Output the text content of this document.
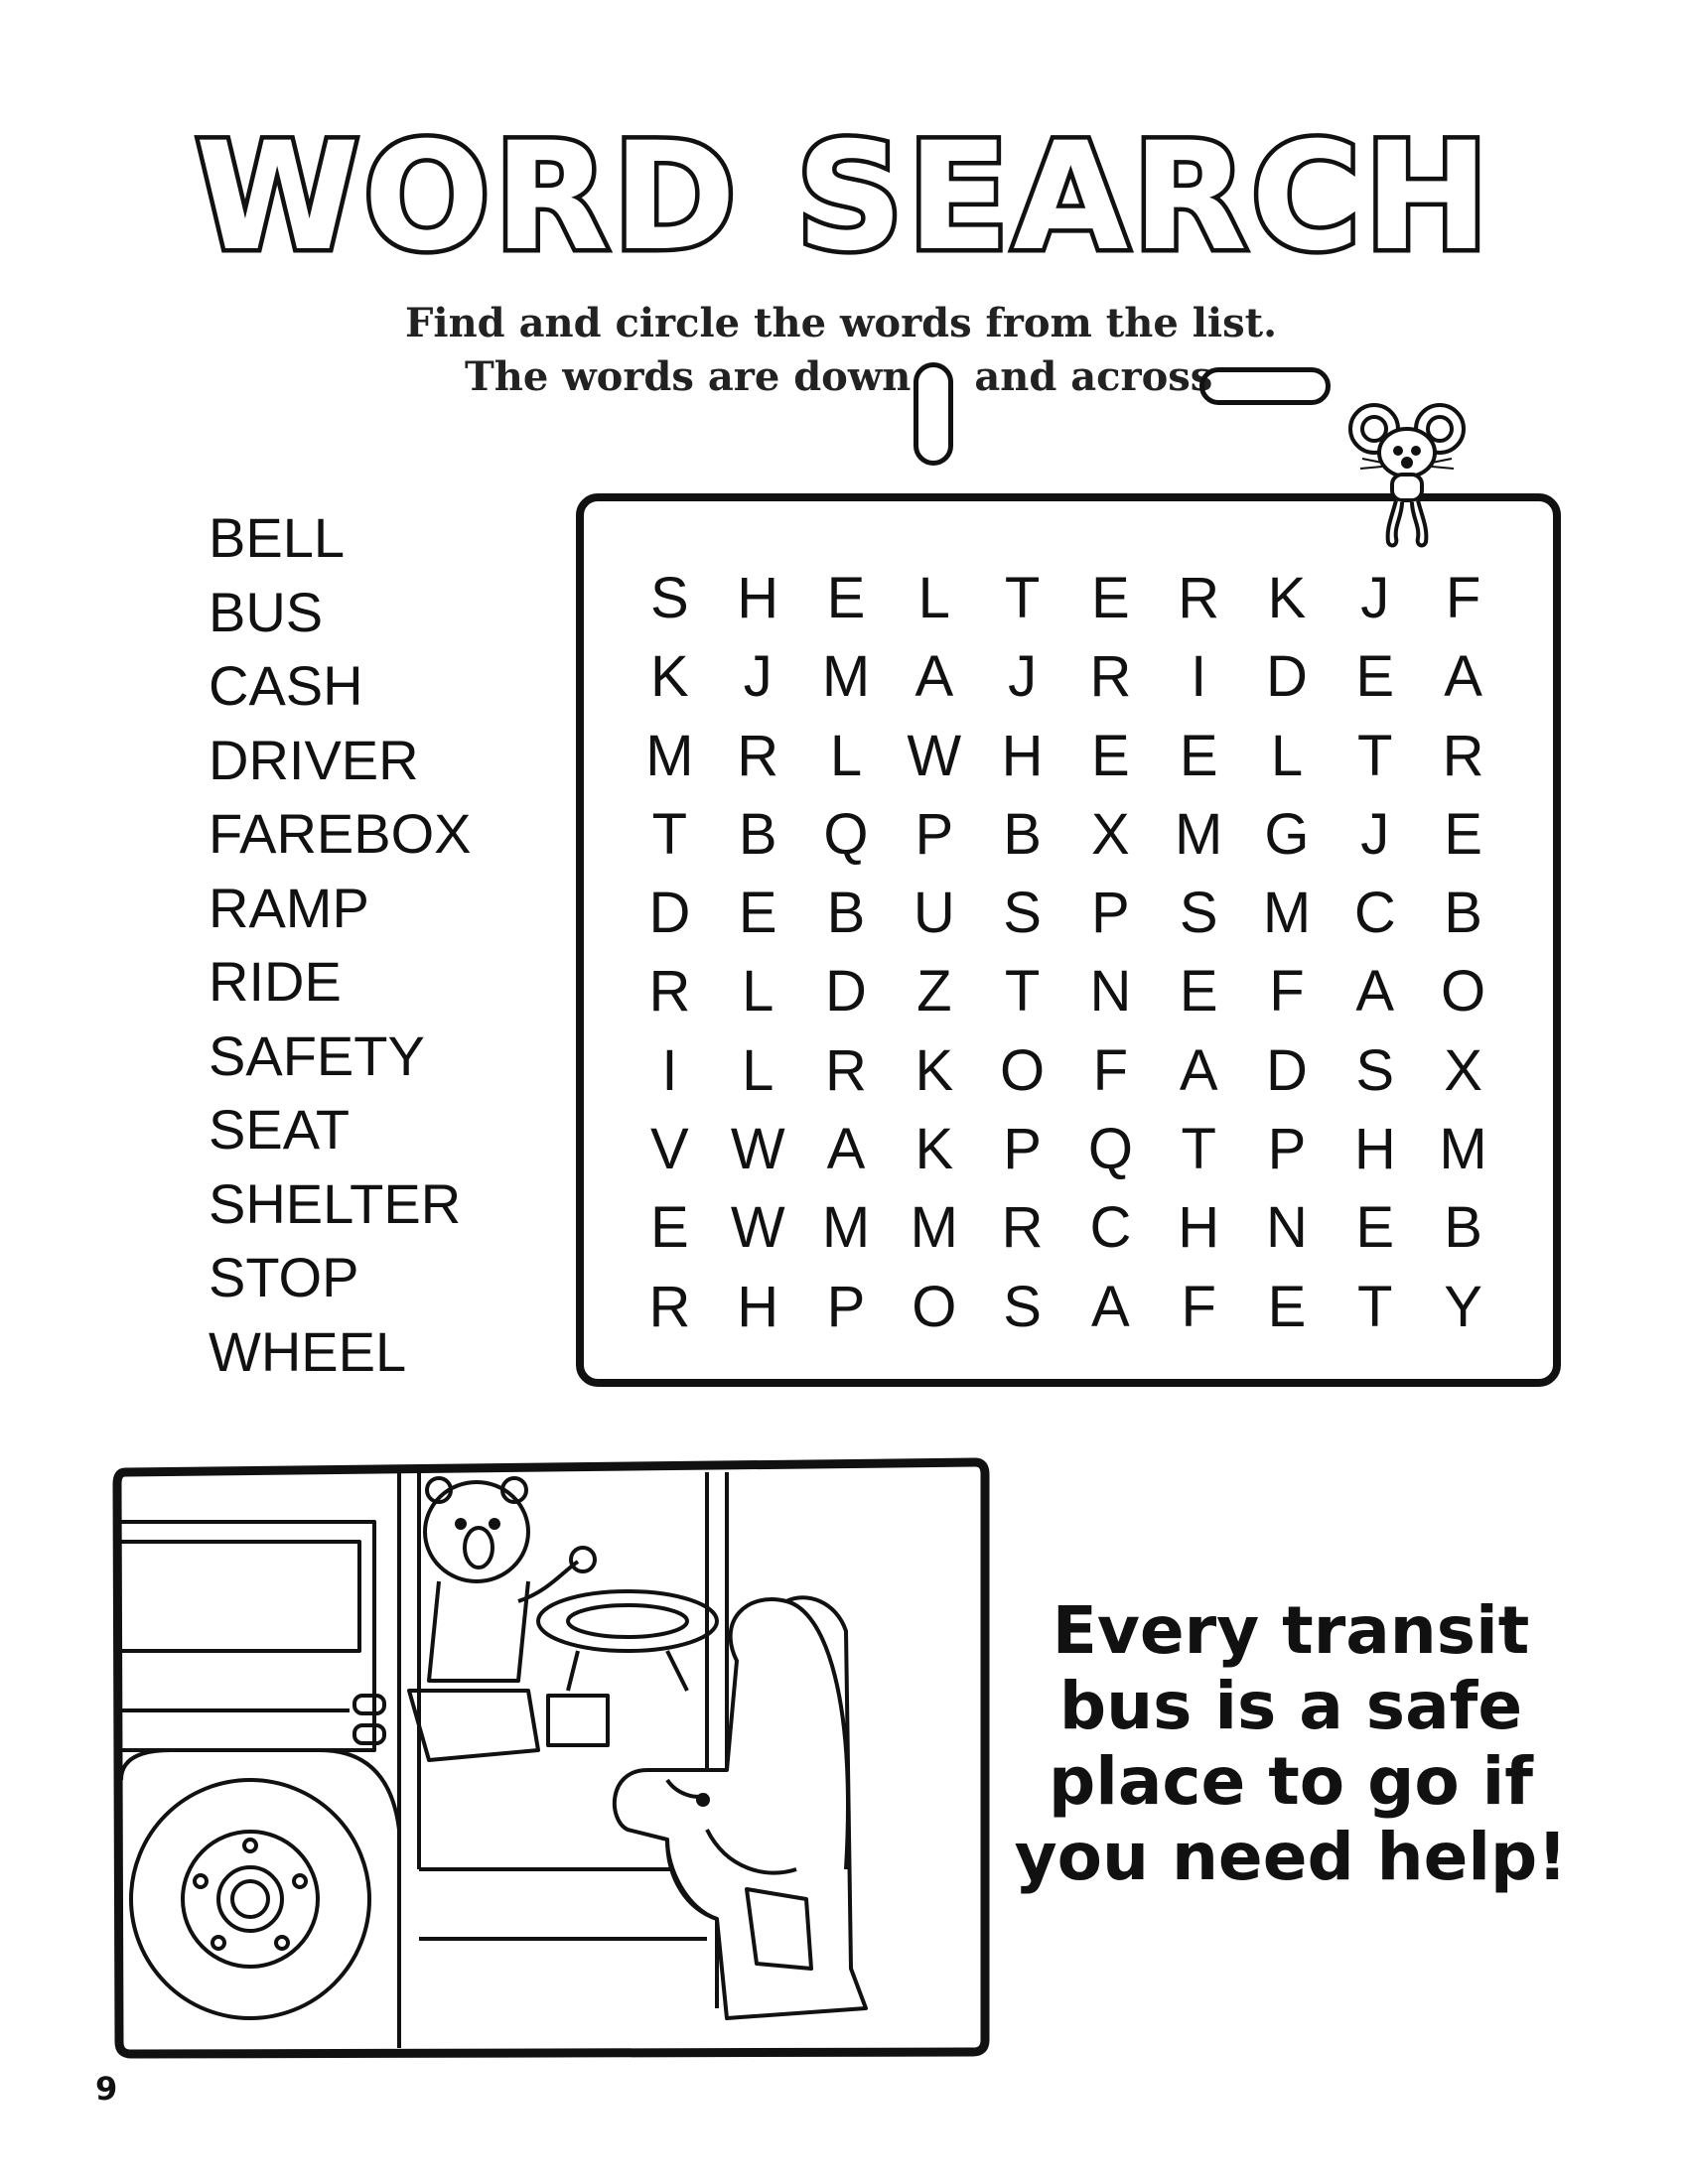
WORD SEARCH
Find and circle the words from the list.
The words are down and across
BELL
BUS
CASH
DRIVER
FAREBOX
RAMP
RIDE
SAFETY
SEAT
SHELTER
STOP
WHEEL
S H E L T E R K J F
K J M A J R	I	D E A
M R L W H E E L T R
T B Q P B X M G J E
D E B U S P S M C B
R L D Z T N E F A O
I	L R K O F A D S X
V W A K P Q T P H M
E W M M R C H N E B
R H P O S A F E T Y
Every transit
bus is a safe
place to go if
you need help!
9
